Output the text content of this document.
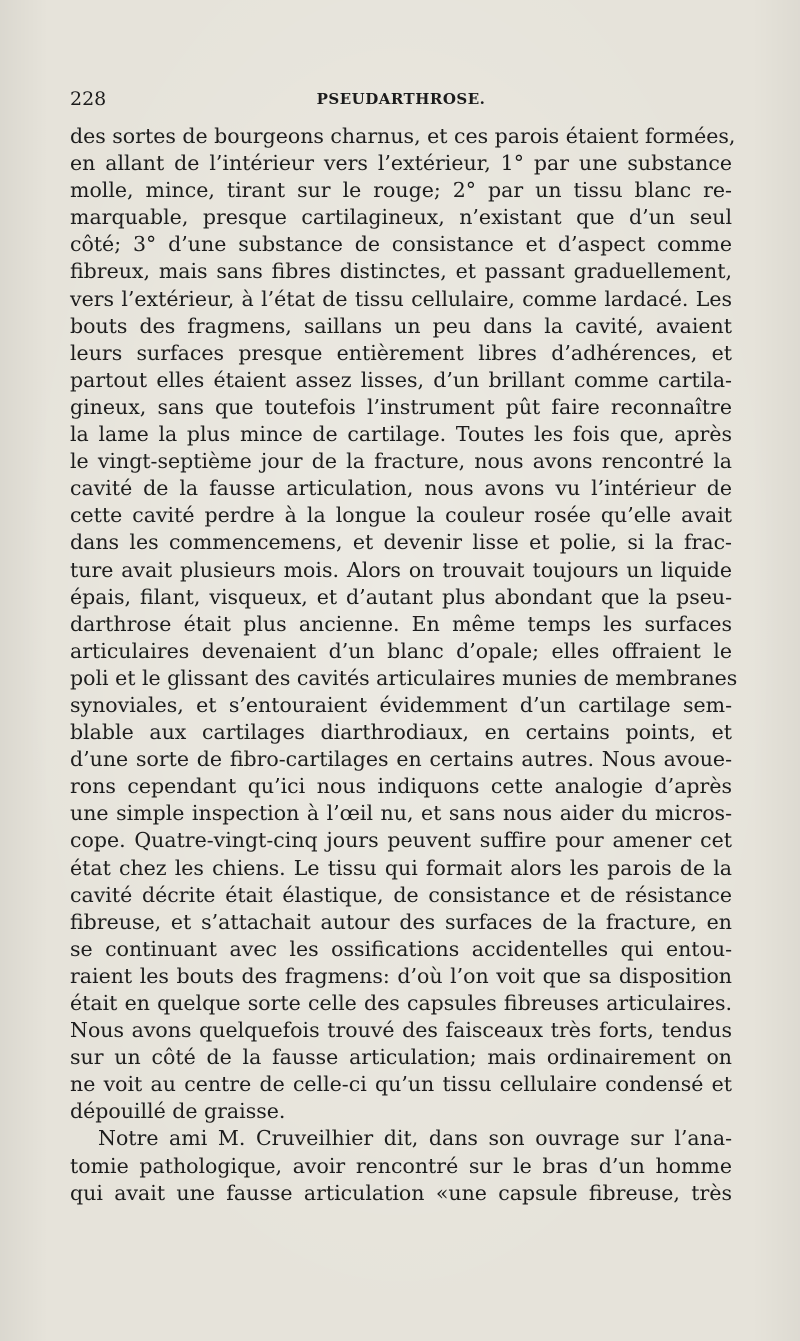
228	PSEUDARTHROSE.
des sortes de bourgeons charnus, et ces parois étaient formées,
en allant de l’intérieur vers l’extérieur, 1° par une substance
molle, mince, tirant sur le rouge; 2° par un tissu blanc re-
marquable, presque cartilagineux, n’existant que d’un seul
côté; 3° d’une substance de consistance et d’aspect comme
fibreux, mais sans fibres distinctes, et passant graduellement,
vers l’extérieur, à l’état de tissu cellulaire, comme lardacé. Les
bouts des fragmens, saillans un peu dans la cavité, avaient
leurs surfaces presque entièrement libres d’adhérences, et
partout elles étaient assez lisses, d’un brillant comme cartila-
gineux, sans que toutefois l’instrument pût faire reconnaître
la lame la plus mince de cartilage. Toutes les fois que, après
le vingt-septième jour de la fracture, nous avons rencontré la
cavité de la fausse articulation, nous avons vu l’intérieur de
cette cavité perdre à la longue la couleur rosée qu’elle avait
dans les commencemens, et devenir lisse et polie, si la frac-
ture avait plusieurs mois. Alors on trouvait toujours un liquide
épais, filant, visqueux, et d’autant plus abondant que la pseu-
darthrose était plus ancienne. En même temps les surfaces
articulaires devenaient d’un blanc d’opale; elles offraient le
poli et le glissant des cavités articulaires munies de membranes
synoviales, et s’entouraient évidemment d’un cartilage sem-
blable aux cartilages diarthrodiaux, en certains points, et
d’une sorte de fibro-cartilages en certains autres. Nous avoue-
rons cependant qu’ici nous indiquons cette analogie d’après
une simple inspection à l’œil nu, et sans nous aider du micros-
cope. Quatre-vingt-cinq jours peuvent suffire pour amener cet
état chez les chiens. Le tissu qui formait alors les parois de la
cavité décrite était élastique, de consistance et de résistance
fibreuse, et s’attachait autour des surfaces de la fracture, en
se continuant avec les ossifications accidentelles qui entou-
raient les bouts des fragmens: d’où l’on voit que sa disposition
était en quelque sorte celle des capsules fibreuses articulaires.
Nous avons quelquefois trouvé des faisceaux très forts, tendus
sur un côté de la fausse articulation; mais ordinairement on
ne voit au centre de celle-ci qu’un tissu cellulaire condensé et
dépouillé de graisse.
Notre ami M. Cruveilhier dit, dans son ouvrage sur l’ana-
tomie pathologique, avoir rencontré sur le bras d’un homme
qui avait une fausse articulation «une capsule fibreuse, très
